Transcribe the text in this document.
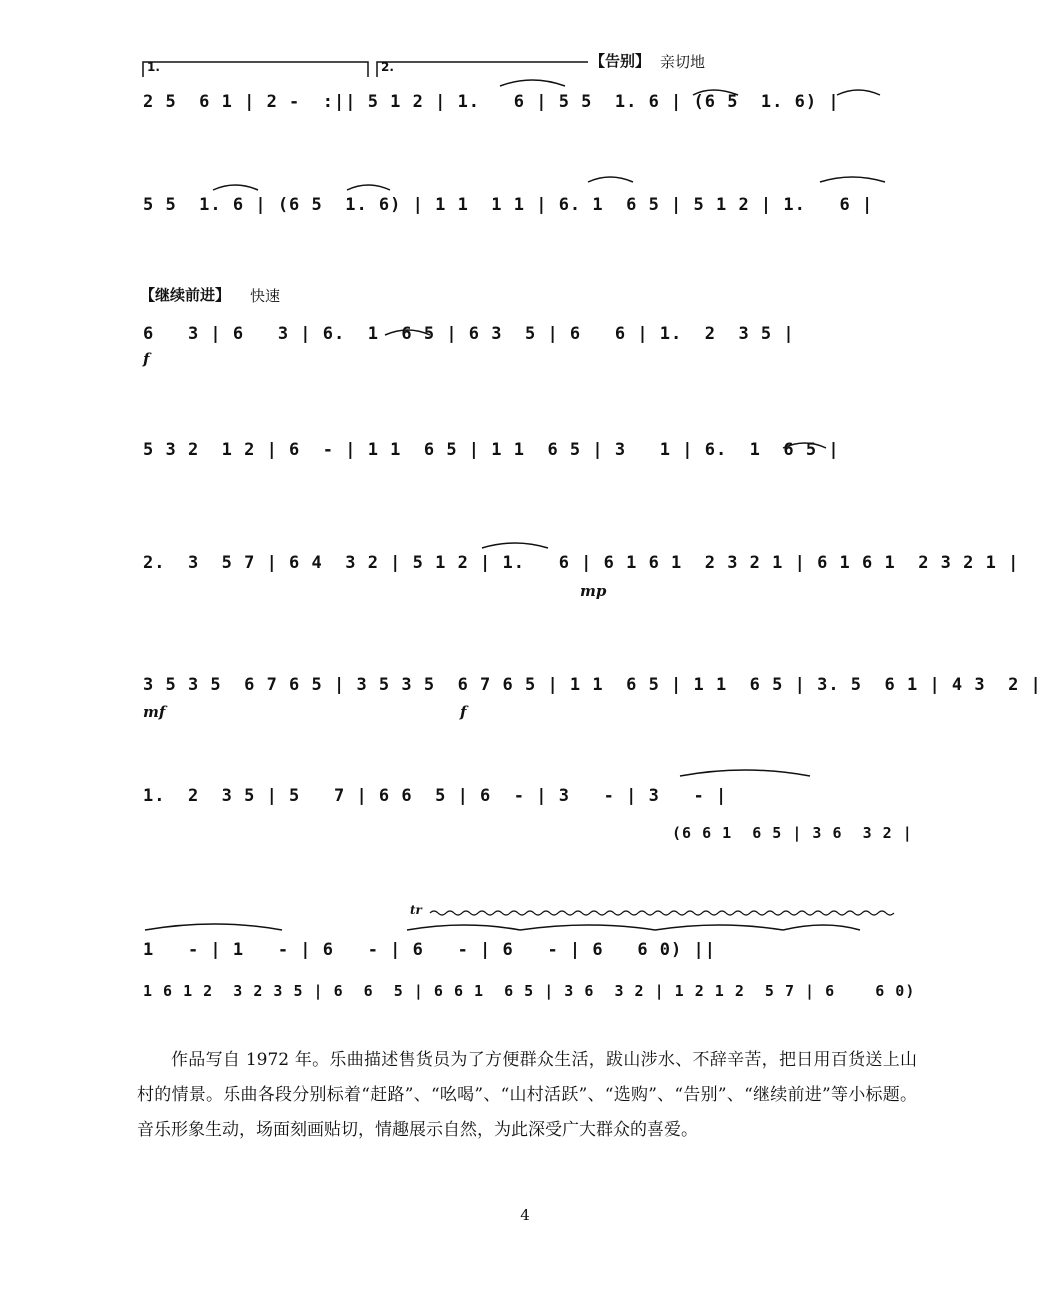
1.	2.	【告别】 亲切地
【继续前进】 快速
2 5  6 1 | 2 -  :|| 5 1 2 | 1.   6 | 5 5  1. 6 | (6 5  1. 6) |
5 5  1. 6 | (6 5  1. 6) | 1 1  1 1 | 6. 1  6 5 | 5 1 2 | 1.   6 |
6   3 | 6   3 | 6.  1  6 5 | 6 3  5 | 6   6 | 1.  2  3 5 |
5 3 2  1 2 | 6  - | 1 1  6 5 | 1 1  6 5 | 3   1 | 6.  1  6 5 |
2.  3  5 7 | 6 4  3 2 | 5 1 2 | 1.   6 | 6 1 6 1  2 3 2 1 | 6 1 6 1  2 3 2 1 |
3 5 3 5  6 7 6 5 | 3 5 3 5  6 7 6 5 | 1 1  6 5 | 1 1  6 5 | 3. 5  6 1 | 4 3  2 |
1.  2  3 5 | 5   7 | 6 6  5 | 6  - | 3   - | 3   - |
(6 6 1  6 5 | 3 6  3 2 |
1   - | 1   - | 6   - | 6   - | 6   - | 6   6 0) ||
1 6 1 2  3 2 3 5 | 6  6  5 | 6 6 1  6 5 | 3 6  3 2 | 1 2 1 2  5 7 | 6    6 0)
f
mp
mf	f
tr
作品写自 1972 年。乐曲描述售货员为了方便群众生活，跋山涉水、不辞辛苦，把日用百货送上山村的情景。乐曲各段分别标着“赶路”、“吆喝”、“山村活跃”、“选购”、“告别”、“继续前进”等小标题。音乐形象生动，场面刻画贴切，情趣展示自然，为此深受广大群众的喜爱。
4
